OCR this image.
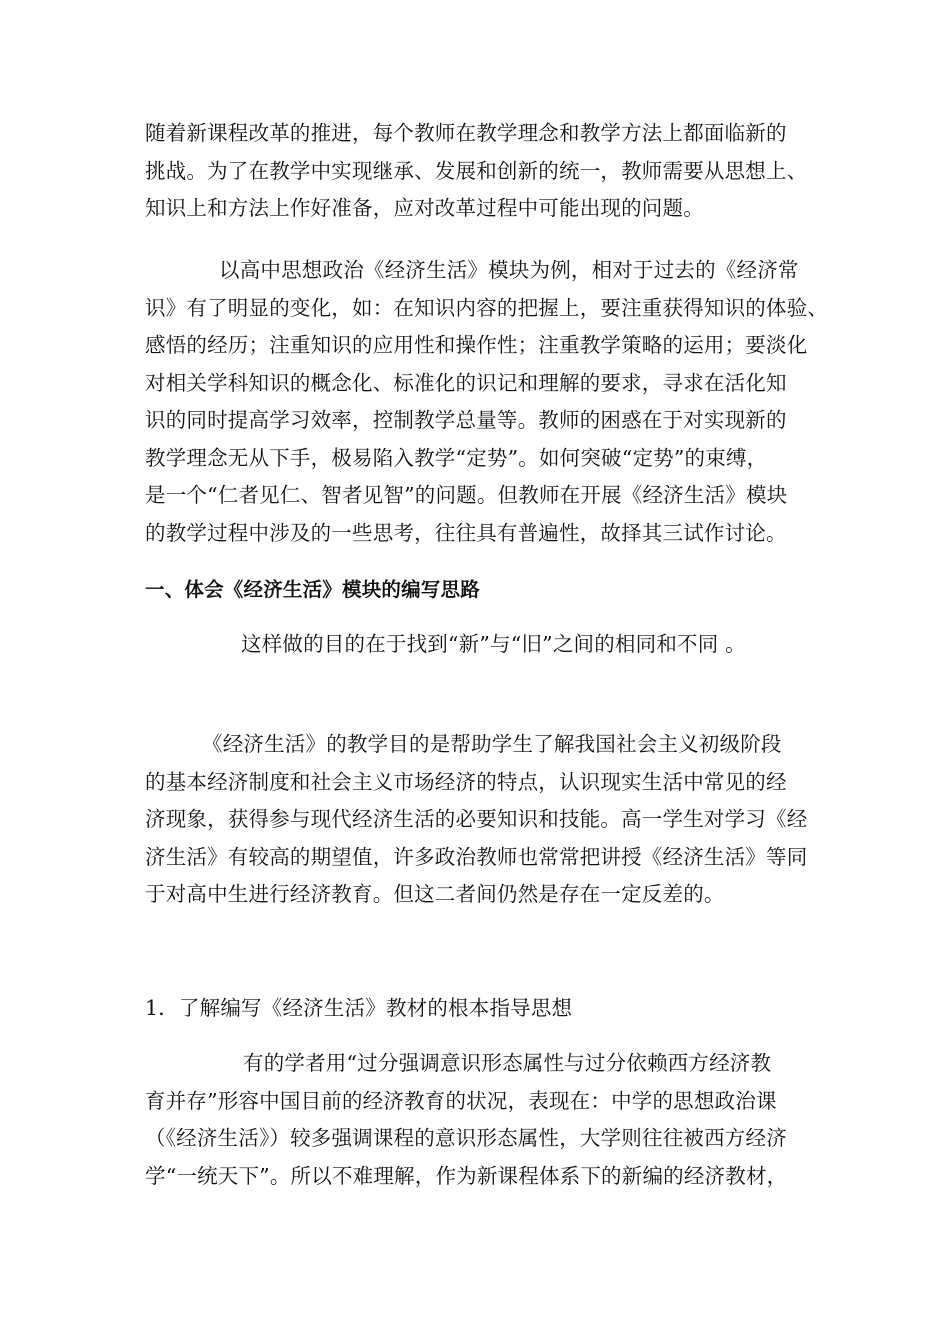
随着新课程改革的推进，每个教师在教学理念和教学方法上都面临新的
挑战。为了在教学中实现继承、发展和创新的统一，教师需要从思想上、
知识上和方法上作好准备，应对改革过程中可能出现的问题。
以高中思想政治《经济生活》模块为例，相对于过去的《经济常
识》有了明显的变化，如：在知识内容的把握上，要注重获得知识的体验、
感悟的经历；注重知识的应用性和操作性；注重教学策略的运用；要淡化
对相关学科知识的概念化、标准化的识记和理解的要求，寻求在活化知
识的同时提高学习效率，控制教学总量等。教师的困惑在于对实现新的
教学理念无从下手，极易陷入教学“定势”。如何突破“定势”的束缚，
是一个“仁者见仁、智者见智”的问题。但教师在开展《经济生活》模块
的教学过程中涉及的一些思考，往往具有普遍性，故择其三试作讨论。
一、体会《经济生活》模块的编写思路
这样做的目的在于找到“新”与“旧”之间的相同和不同 。
《经济生活》的教学目的是帮助学生了解我国社会主义初级阶段
的基本经济制度和社会主义市场经济的特点，认识现实生活中常见的经
济现象，获得参与现代经济生活的必要知识和技能。高一学生对学习《经
济生活》有较高的期望值，许多政治教师也常常把讲授《经济生活》等同
于对高中生进行经济教育。但这二者间仍然是存在一定反差的。
1．了解编写《经济生活》教材的根本指导思想
有的学者用“过分强调意识形态属性与过分依赖西方经济教
育并存”形容中国目前的经济教育的状况，表现在：中学的思想政治课
（《经济生活》）较多强调课程的意识形态属性，大学则往往被西方经济
学“一统天下”。所以不难理解，作为新课程体系下的新编的经济教材，
